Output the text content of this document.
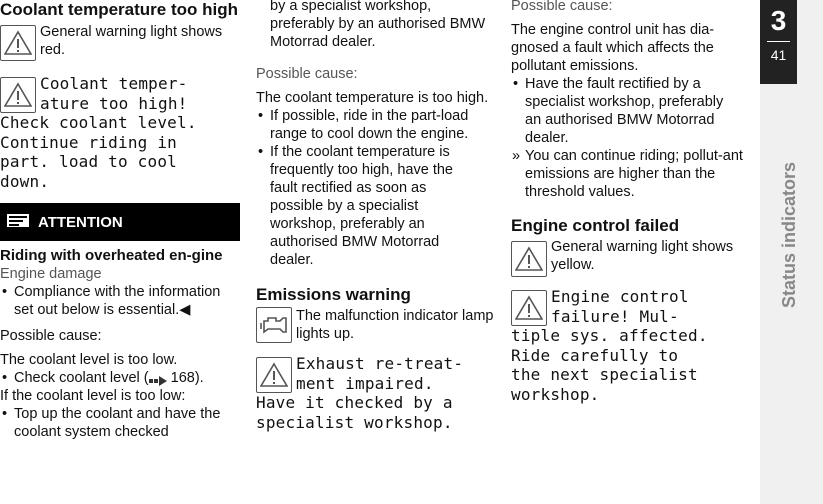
Coolant temperature too high
General warning light shows red.
Coolant temper-
ature too high!
Check coolant level.
Continue riding in
part. load to cool
down.
ATTENTION
Riding with overheated en-gine
Engine damage
• Compliance with the information set out below is essential.◀
Possible cause:
The coolant level is too low.
• Check coolant level ( 168).
If the coolant level is too low:
• Top up the coolant and have the coolant system checked
by a specialist workshop, preferably by an authorised BMW Motorrad dealer.
Possible cause:
The coolant temperature is too high.
• If possible, ride in the part-load range to cool down the engine.
• If the coolant temperature is frequently too high, have the fault rectified as soon as possible by a specialist workshop, preferably an authorised BMW Motorrad dealer.
Emissions warning
The malfunction indicator lamp lights up.
Exhaust re-treat-
ment impaired.
Have it checked by a
specialist workshop.
Possible cause:
The engine control unit has dia-gnosed a fault which affects the pollutant emissions.
• Have the fault rectified by a specialist workshop, preferably an authorised BMW Motorrad dealer.
» You can continue riding; pollut-ant emissions are higher than the threshold values.
Engine control failed
General warning light shows yellow.
Engine control
failure! Mul-
tiple sys. affected.
Ride carefully to
the next specialist
workshop.
3
41
Status indicators
